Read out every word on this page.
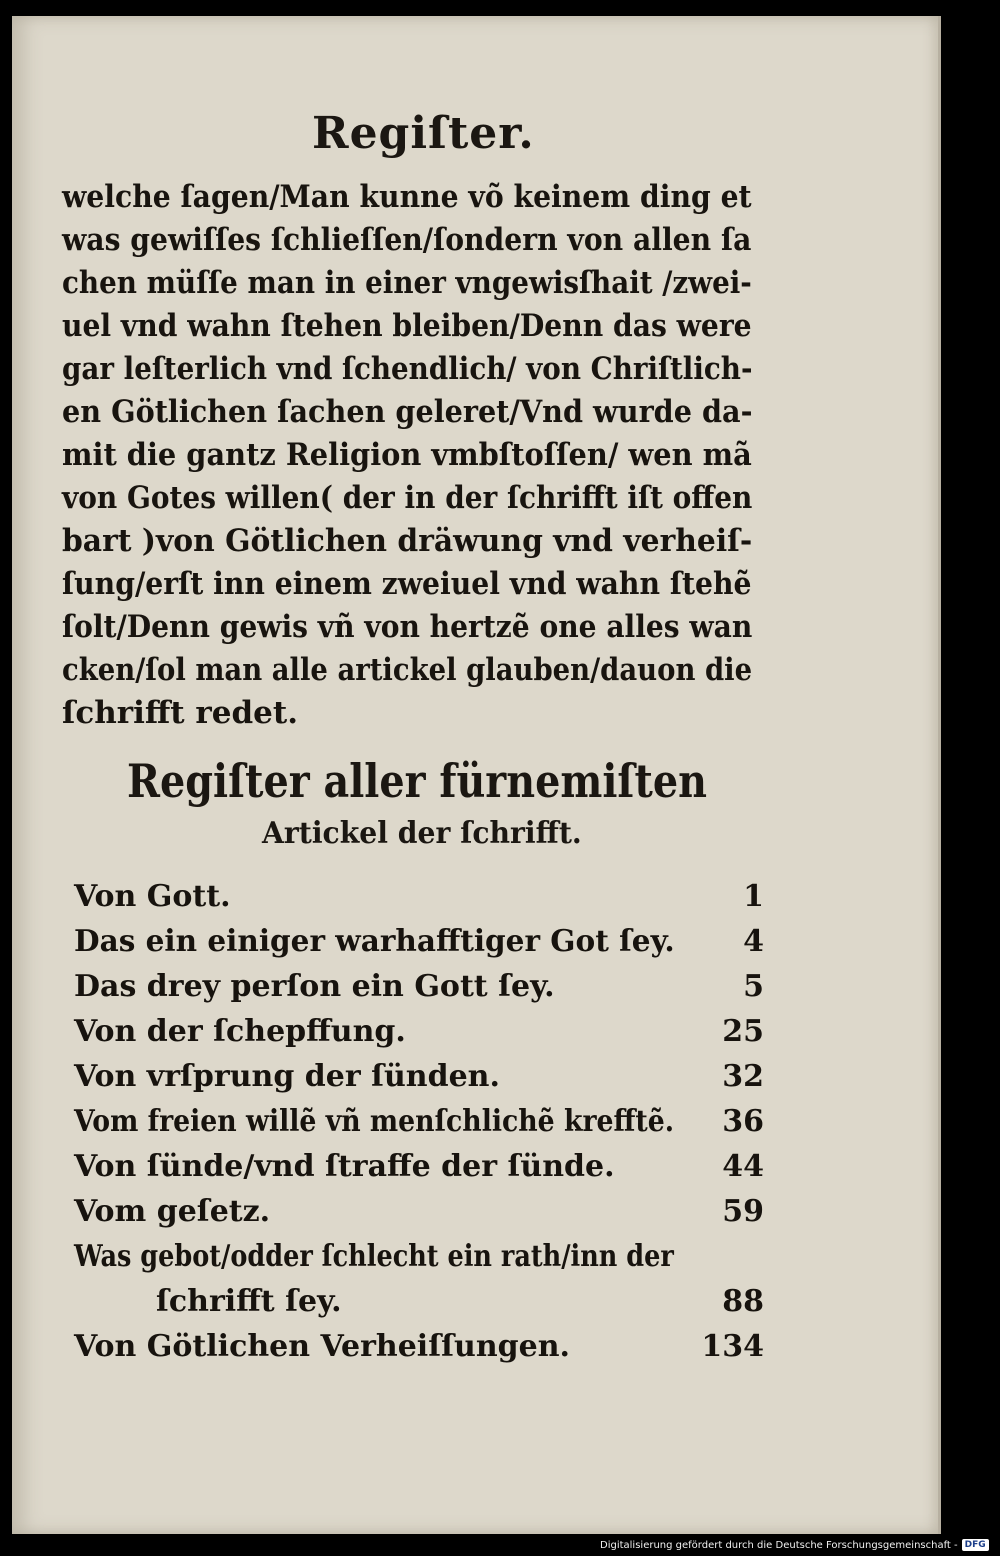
Regiſter.
welche ſagen/Man kunne võ keinem ding et
was gewiſſes ſchlieſſen/ſondern von allen ſa
chen müſſe man in einer vngewisſhait /zwei-
uel vnd wahn ſtehen bleiben/Denn das were
gar leſterlich vnd ſchendlich/ von Chriſtlich-
en Götlichen ſachen geleret/Vnd wurde da-
mit die gantz Religion vmbſtoſſen/ wen mã
von Gotes willen( der in der ſchrifft iſt offen
bart )von Götlichen dräwung vnd verheiſ-
ſung/erſt inn einem zweiuel vnd wahn ſtehẽ
ſolt/Denn gewis vñ von hertzẽ one alles wan
cken/ſol man alle artickel glauben/dauon die
ſchrifft redet.
Regiſter aller fürnemiſten
Artickel der ſchrifft.
Von Gott.	1
Das ein einiger warhafftiger Got ſey.	4
Das drey perſon ein Gott ſey.	5
Von der ſchepffung.	25
Von vrſprung der ſünden.	32
Vom freien willẽ vñ menſchlichẽ krefftẽ.	36
Von ſünde/vnd ſtraffe der ſünde.	44
Vom geſetz.	59
Was gebot/odder ſchlecht ein rath/inn der
ſchrifft ſey.	88
Von Götlichen Verheiſſungen.	134
Digitalisierung gefördert durch die Deutsche Forschungsgemeinschaft - DFG
